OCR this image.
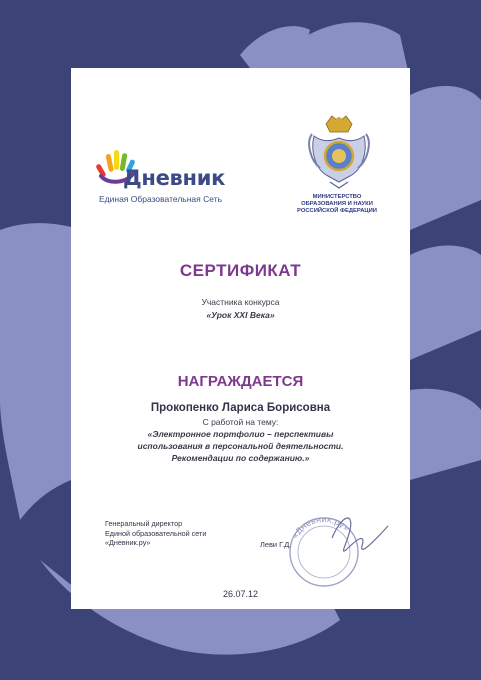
Дневник
Единая Образовательная Сеть	МИНИСТЕРСТВО
ОБРАЗОВАНИЯ И НАУКИ
РОССИЙСКОЙ ФЕДЕРАЦИИ
СЕРТИФИКАТ
Участника конкурса
«Урок XXI Века»
НАГРАЖДАЕТСЯ
Прокопенко Лариса Борисовна
С работой на тему:
«Электронное портфолио – перспективы
использования в персональной деятельности.
Рекомендации по содержанию.»
Генеральный директор
Единой образовательной сети
«Дневник.ру»
«Дневник.ру»
Леви Г.Д.
26.07.12
